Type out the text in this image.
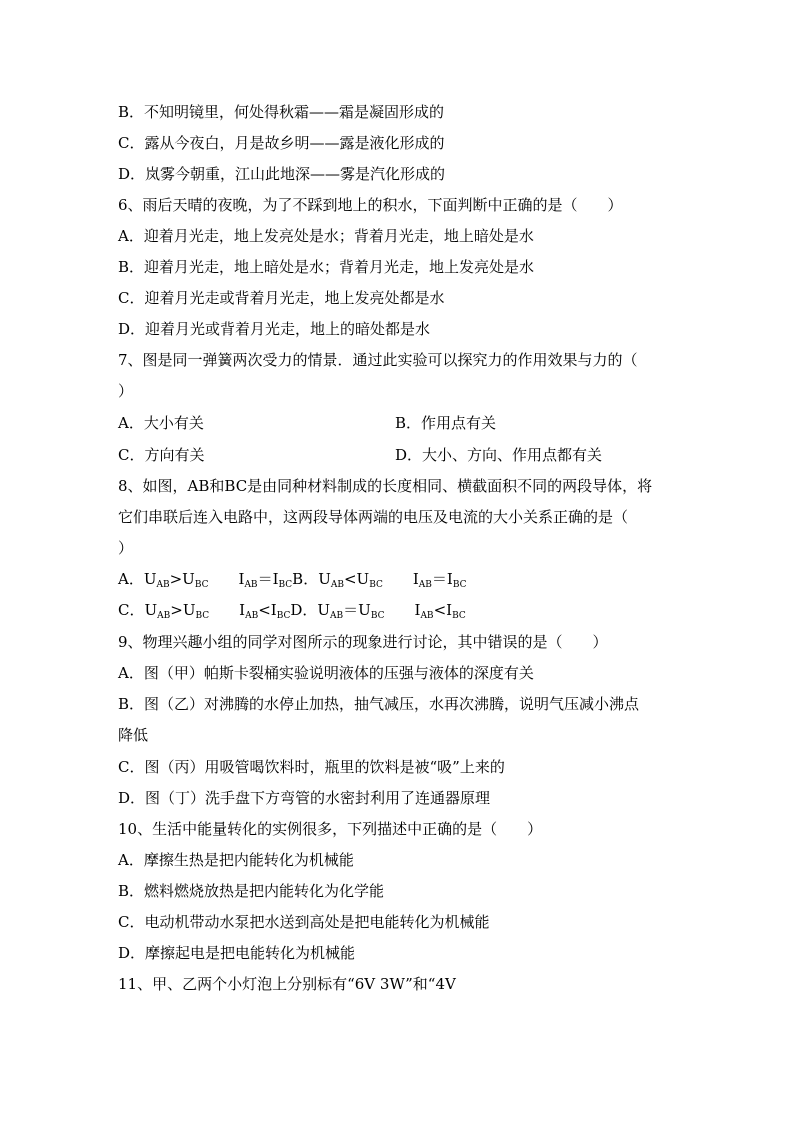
B．不知明镜里，何处得秋霜——霜是凝固形成的
C．露从今夜白，月是故乡明——露是液化形成的
D．岚雾今朝重，江山此地深——雾是汽化形成的
6、雨后天晴的夜晚，为了不踩到地上的积水，下面判断中正确的是（　　）
A．迎着月光走，地上发亮处是水；背着月光走，地上暗处是水
B．迎着月光走，地上暗处是水；背着月光走，地上发亮处是水
C．迎着月光走或背着月光走，地上发亮处都是水
D．迎着月光或背着月光走，地上的暗处都是水
7、图是同一弹簧两次受力的情景．通过此实验可以探究力的作用效果与力的（
）
A．大小有关	B．作用点有关
C．方向有关	D．大小、方向、作用点都有关
8、如图，AB和BC是由同种材料制成的长度相同、横截面积不同的两段导体，将
它们串联后连入电路中，这两段导体两端的电压及电流的大小关系正确的是（
）
A．$U_{AB}>U_{BC}$　　$I_{AB}=I_{BC}B$．$U_{AB}<U_{BC}$　　$I_{AB}=I_{BC}$
C．$U_{AB}>U_{BC}$　　$I_{AB}<I_{BC}D$．$U_{AB}=U_{BC}$　　$I_{AB}<I_{BC}$
9、物理兴趣小组的同学对图所示的现象进行讨论，其中错误的是（　　）
A．图（甲）帕斯卡裂桶实验说明液体的压强与液体的深度有关
B．图（乙）对沸腾的水停止加热，抽气减压，水再次沸腾，说明气压减小沸点
降低
C．图（丙）用吸管喝饮料时，瓶里的饮料是被“吸”上来的
D．图（丁）洗手盘下方弯管的水密封利用了连通器原理
10、生活中能量转化的实例很多，下列描述中正确的是（　　）
A．摩擦生热是把内能转化为机械能
B．燃料燃烧放热是把内能转化为化学能
C．电动机带动水泵把水送到高处是把电能转化为机械能
D．摩擦起电是把电能转化为机械能
11、甲、乙两个小灯泡上分别标有“6V 3W”和“4V
